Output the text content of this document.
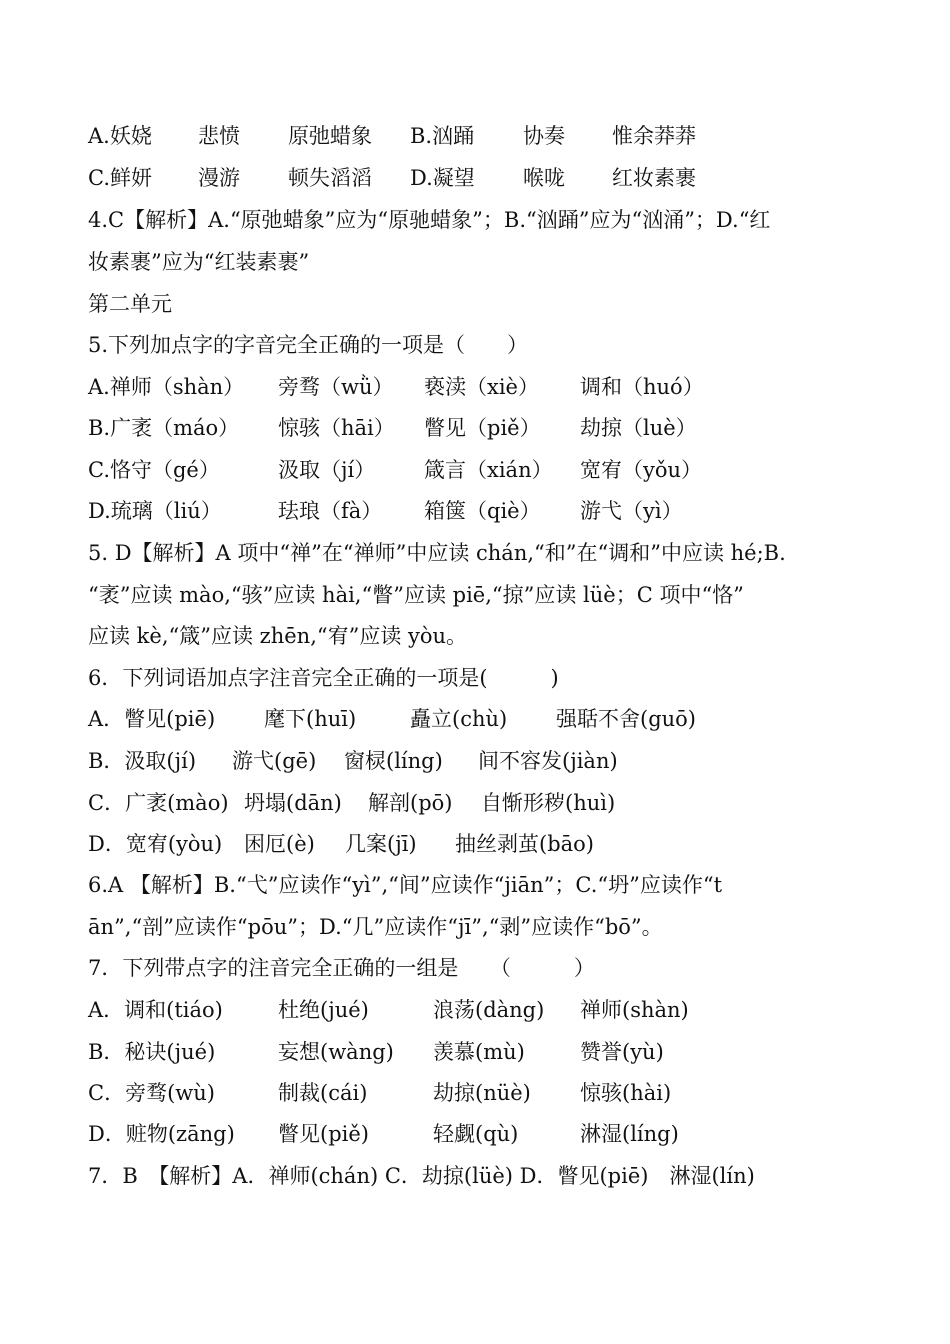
A.妖娆 悲愤 原弛蜡象 B.汹踊 协奏 惟余莽莽
C.鲜妍 漫游 顿失滔滔 D.凝望 喉咙 红妆素裹
4.C【解析】A.“原弛蜡象”应为“原驰蜡象”；B.“汹踊”应为“汹涌”；D.“红
妆素裹”应为“红装素裹”
第二单元
5.下列加点字的字音完全正确的一项是（　　）
A.禅师（shàn） 旁骛（wǜ） 亵渎（xiè） 调和（huó）
B.广袤（máo） 惊骇（hāi） 瞥见（piě） 劫掠（luè）
C.恪守（gé）	汲取（jí） 箴言（xián） 宽宥（yǒu）
D.琉璃（liú）	珐琅（fà） 箱箧（qiè） 游弋（yì）
5. D【解析】A 项中“禅”在“禅师”中应读 chán,“和”在“调和”中应读 hé;B.
“袤”应读 mào,“骇”应读 hài,“瞥”应读 piē,“掠”应读 lüè；C 项中“恪”
应读 kè,“箴”应读 zhēn,“宥”应读 yòu。
6．下列词语加点字注音完全正确的一项是(　　　)
A．瞥见(piē) 麾下(huī)	矗立(chù) 强聒不舍(guō)
B．汲取(jí) 游弋(gē) 窗棂(líng) 间不容发(jiàn)
C．广袤(mào) 坍塌(dān) 解剖(pō) 自惭形秽(huì)
D．宽宥(yòu) 困厄(è) 几案(jī) 抽丝剥茧(bāo)
6.A 【解析】B.“弋”应读作“yì”,“间”应读作“jiān”；C.“坍”应读作“t
ān”,“剖”应读作“pōu”；D.“几”应读作“jī”,“剥”应读作“bō”。
7．下列带点字的注音完全正确的一组是　　（　　　）
A．调和(tiáo)	杜绝(jué)	浪荡(dàng) 禅师(shàn)
B．秘诀(jué)	妄想(wàng) 羡慕(mù)	赞誉(yù)
C．旁骛(wù)	制裁(cái)	劫掠(nüè) 惊骇(hài)
D．赃物(zāng) 瞥见(piě)	轻觑(qù)	淋湿(líng)
7．B　【解析】A．禅师(chán) C．劫掠(lüè) D．瞥见(piē)　淋湿(lín)
